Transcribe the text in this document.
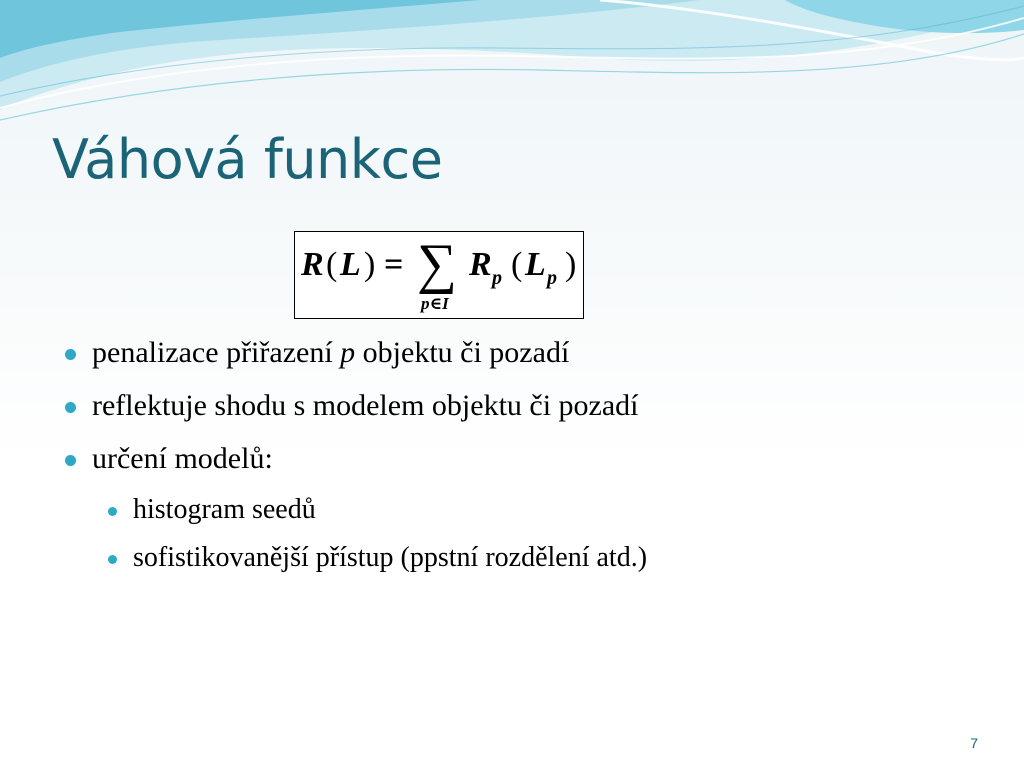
Váhová funkce
R ( L ) = ∑
p∈I
R p ( L p )
penalizace přiřazení p objektu či pozadí
reflektuje shodu s modelem objektu či pozadí
určení modelů:
histogram seedů
sofistikovanější přístup (ppstní rozdělení atd.)
7
